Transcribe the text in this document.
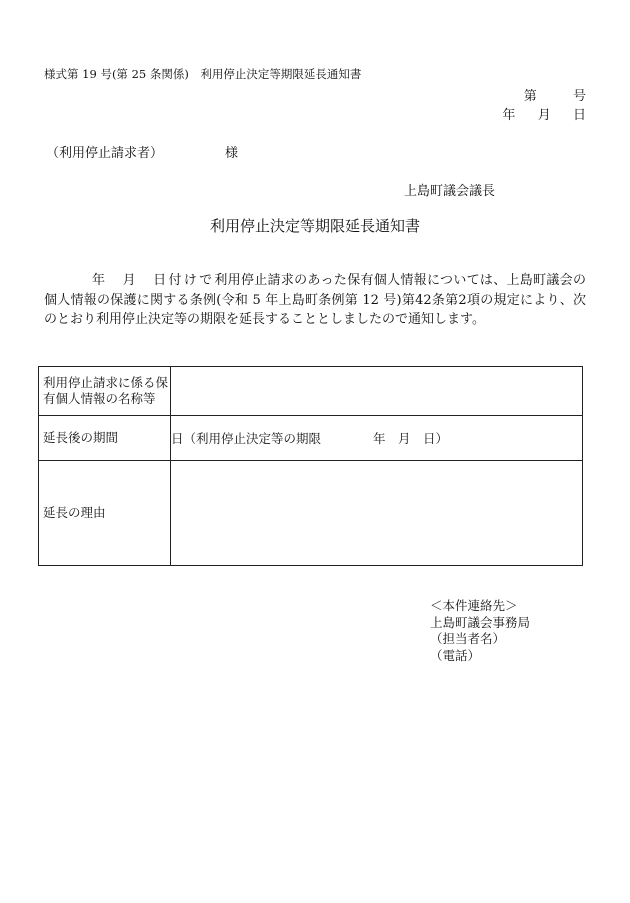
様式第 19 号(第 25 条関係)　利用停止決定等期限延長通知書
第	号
年 月 日
（利用停止請求者）	様
上島町議会議長
利用停止決定等期限延長通知書
年　月　日付けで利用停止請求のあった保有個人情報については、上島町議会の個人情報の保護に関する条例(令和 5 年上島町条例第 12 号)第42条第2項の規定により、次のとおり利用停止決定等の期限を延長することとしましたので通知します。
利用停止請求に係る保有個人情報の名称等	
延長後の期間	日（利用停止決定等の期限 年　月　日）
延長の理由	
＜本件連絡先＞
上島町議会事務局
（担当者名）
（電話）
